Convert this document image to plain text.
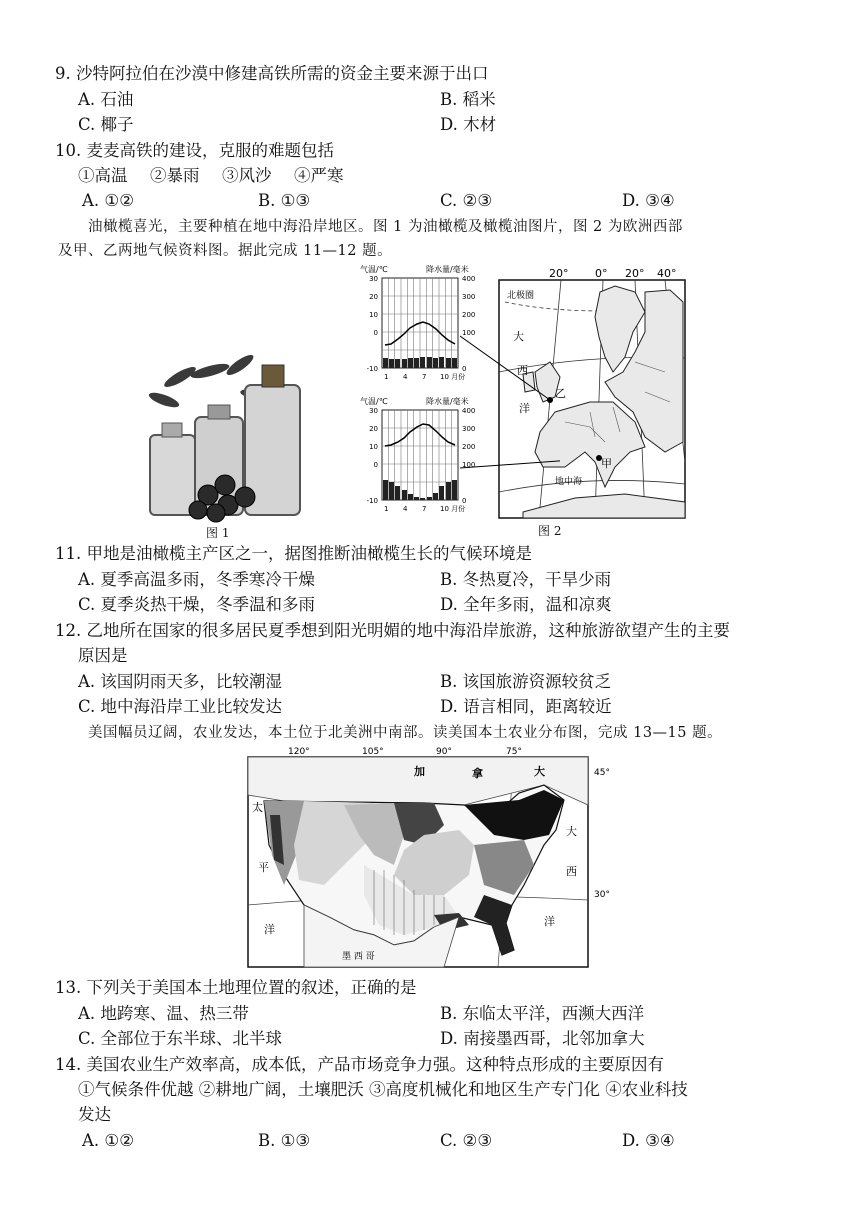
9. 沙特阿拉伯在沙漠中修建高铁所需的资金主要来源于出口
A. 石油	B. 稻米
C. 椰子	D. 木材
10. 麦麦高铁的建设，克服的难题包括
①高温 ②暴雨 ③风沙 ④严寒
A. ①②	B. ①③	C. ②③	D. ③④
油橄榄喜光，主要种植在地中海沿岸地区。图 1 为油橄榄及橄榄油图片，图 2 为欧洲西部
及甲、乙两地气候资料图。据此完成 11—12 题。
图 1
气温/℃	降水量/毫米
30
20
10
0
-10
400
300
200
100
0
1 4 7 10 月份
气温/℃	降水量/毫米
30
20
10
0
-10
400
300
200
100
0
1 4 7 10 月份
20° 0° 20° 40°
北极圈
大
西
洋
乙
甲
地中海
图 2
11. 甲地是油橄榄主产区之一，据图推断油橄榄生长的气候环境是
A. 夏季高温多雨，冬季寒冷干燥	B. 冬热夏冷，干旱少雨
C. 夏季炎热干燥，冬季温和多雨	D. 全年多雨，温和凉爽
12. 乙地所在国家的很多居民夏季想到阳光明媚的地中海沿岸旅游，这种旅游欲望产生的主要
原因是
A. 该国阴雨天多，比较潮湿	B. 该国旅游资源较贫乏
C. 地中海沿岸工业比较发达	D. 语言相同，距离较近
美国幅员辽阔，农业发达，本土位于北美洲中南部。读美国本土农业分布图，完成 13—15 题。
120°	105°	90°	75°
45°
30°
加	拿	大
太
平
洋
大
西
洋
墨 西 哥
13. 下列关于美国本土地理位置的叙述，正确的是
A. 地跨寒、温、热三带	B. 东临太平洋，西濒大西洋
C. 全部位于东半球、北半球	D. 南接墨西哥，北邻加拿大
14. 美国农业生产效率高，成本低，产品市场竞争力强。这种特点形成的主要原因有
①气候条件优越 ②耕地广阔，土壤肥沃 ③高度机械化和地区生产专门化 ④农业科技
发达
A. ①②	B. ①③	C. ②③	D. ③④
